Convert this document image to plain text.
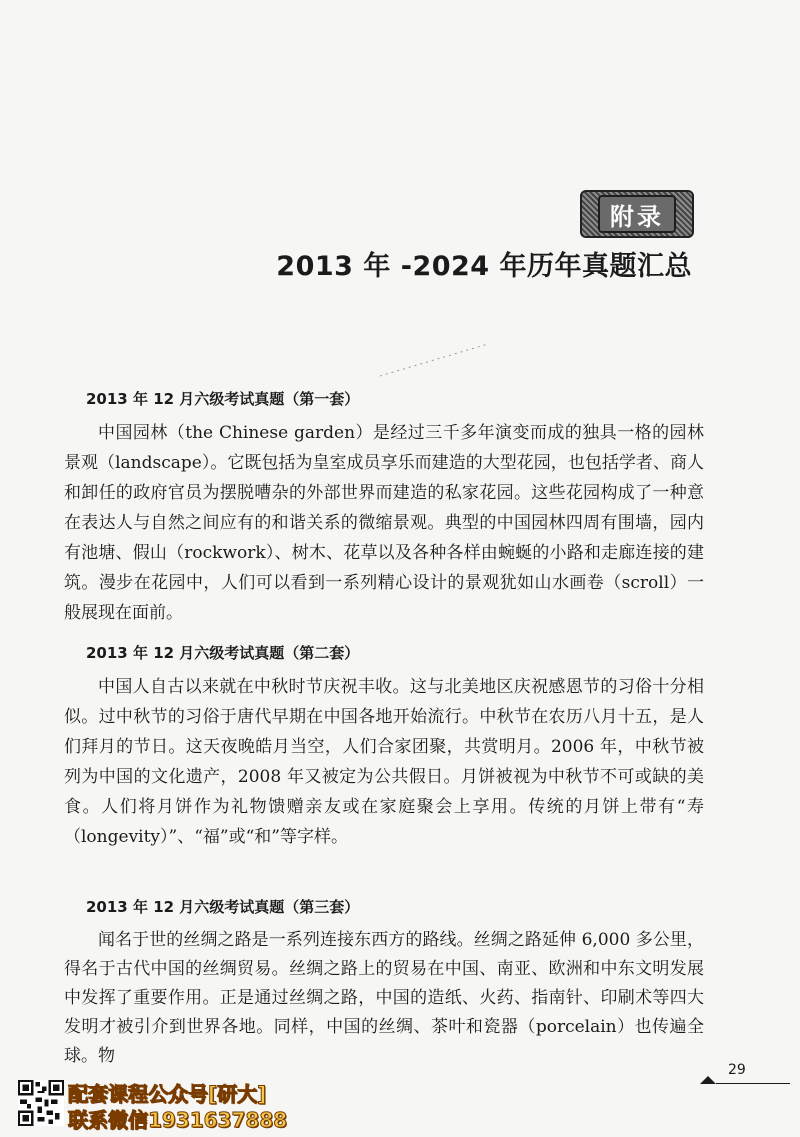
附录
2013 年 -2024 年历年真题汇总
2013 年 12 月六级考试真题（第一套）

中国园林（the Chinese garden）是经过三千多年演变而成的独具一格的园林景观（landscape）。它既包括为皇室成员享乐而建造的大型花园，也包括学者、商人和卸任的政府官员为摆脱嘈杂的外部世界而建造的私家花园。这些花园构成了一种意在表达人与自然之间应有的和谐关系的微缩景观。典型的中国园林四周有围墙，园内有池塘、假山（rockwork）、树木、花草以及各种各样由蜿蜒的小路和走廊连接的建筑。漫步在花园中，人们可以看到一系列精心设计的景观犹如山水画卷（scroll）一般展现在面前。

2013 年 12 月六级考试真题（第二套）

中国人自古以来就在中秋时节庆祝丰收。这与北美地区庆祝感恩节的习俗十分相似。过中秋节的习俗于唐代早期在中国各地开始流行。中秋节在农历八月十五，是人们拜月的节日。这天夜晚皓月当空，人们合家团聚，共赏明月。2006 年，中秋节被列为中国的文化遗产，2008 年又被定为公共假日。月饼被视为中秋节不可或缺的美食。人们将月饼作为礼物馈赠亲友或在家庭聚会上享用。传统的月饼上带有“寿（longevity）”、“福”或“和”等字样。

2013 年 12 月六级考试真题（第三套）

闻名于世的丝绸之路是一系列连接东西方的路线。丝绸之路延伸 6,000 多公里，得名于古代中国的丝绸贸易。丝绸之路上的贸易在中国、南亚、欧洲和中东文明发展中发挥了重要作用。正是通过丝绸之路，中国的造纸、火药、指南针、印刷术等四大发明才被引介到世界各地。同样，中国的丝绸、茶叶和瓷器（porcelain）也传遍全球。物

29
配套课程公众号[研大]
联系微信1931637888
